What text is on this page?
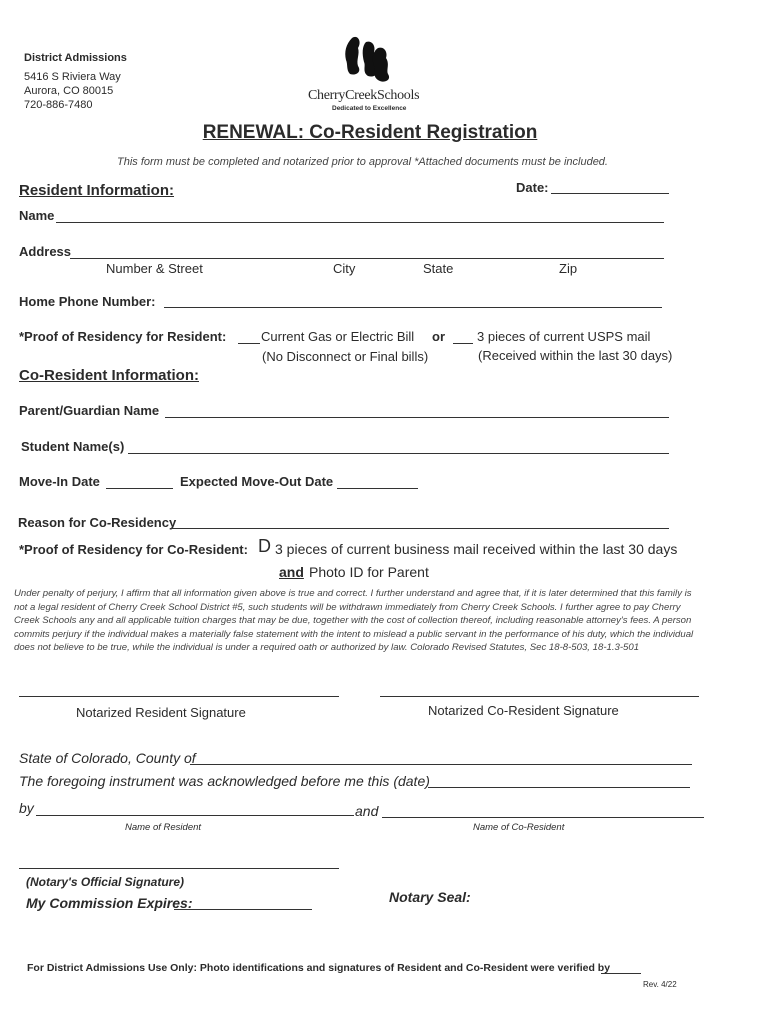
District Admissions
5416 S Riviera Way
Aurora, CO 80015
720-886-7480
CherryCreekSchools
Dedicated to Excellence
RENEWAL: Co-Resident Registration
This form must be completed and notarized prior to approval *Attached documents must be included.
Resident Information:	Date:
Name
Address
Number & Street	City	State	Zip
Home Phone Number:
*Proof of Residency for Resident:	Current Gas or Electric Bill or 3 pieces of current USPS mail
(No Disconnect or Final bills)	(Received within the last 30 days)
Co-Resident Information:
Parent/Guardian Name
Student Name(s)
Move-In Date	Expected Move-Out Date
Reason for Co-Residency
*Proof of Residency for Co-Resident: D 3 pieces of current business mail received within the last 30 days
and Photo ID for Parent
Under penalty of perjury, I affirm that all information given above is true and correct. I further understand and agree that, if it is later determined that this family is not a legal resident of Cherry Creek School District #5, such students will be withdrawn immediately from Cherry Creek Schools. I further agree to pay Cherry Creek Schools any and all applicable tuition charges that may be due, together with the cost of collection thereof, including reasonable attorney's fees. A person commits perjury if the individual makes a materially false statement with the intent to mislead a public servant in the performance of his duty, which the individual does not believe to be true, while the individual is under a required oath or authorized by law. Colorado Revised Statutes, Sec 18-8-503, 18-1.3-501
Notarized Resident Signature	Notarized Co-Resident Signature
State of Colorado, County of
The foregoing instrument was acknowledged before me this (date)
by	and
Name of Resident	Name of Co-Resident
(Notary's Official Signature)
My Commission Expires:	Notary Seal:
For District Admissions Use Only: Photo identifications and signatures of Resident and Co-Resident were verified by
Rev. 4/22
